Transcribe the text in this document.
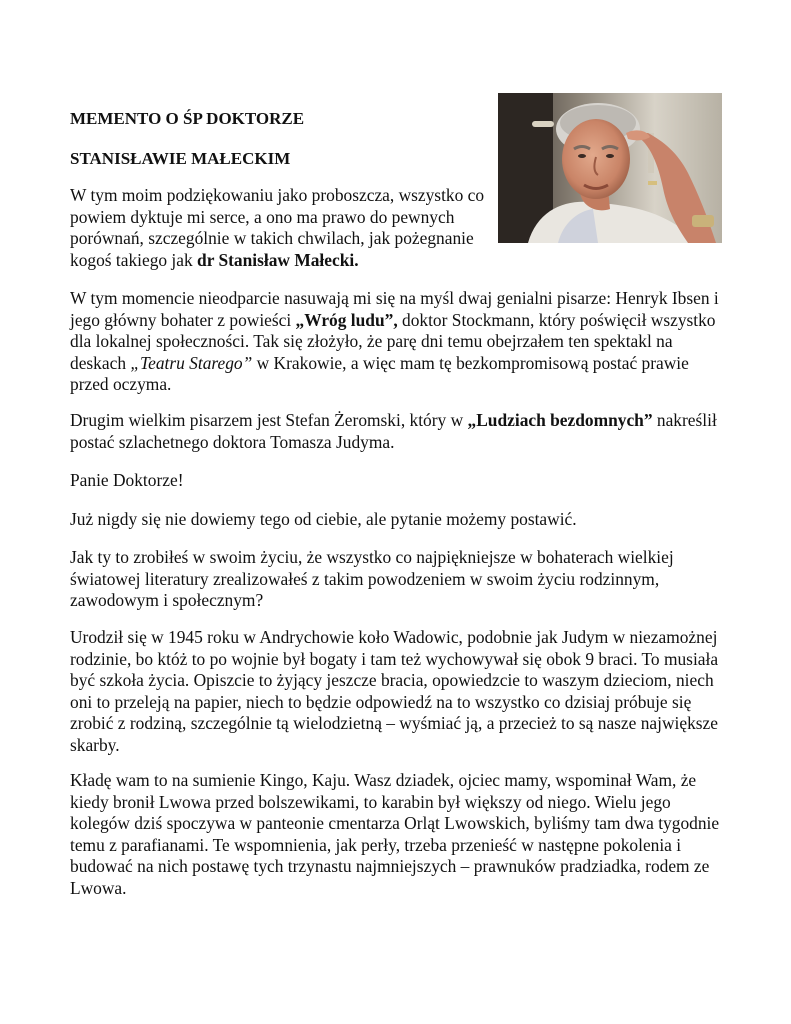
MEMENTO O ŚP DOKTORZE

STANISŁAWIE MAŁECKIM

W tym moim podziękowaniu jako proboszcza, wszystko co powiem dyktuje mi serce, a ono ma prawo do pewnych porównań, szczególnie w takich chwilach, jak pożegnanie kogoś takiego jak dr Stanisław Małecki.

W tym momencie nieodparcie nasuwają mi się na myśl dwaj genialni pisarze: Henryk Ibsen i jego główny bohater z powieści „Wróg ludu”, doktor Stockmann, który poświęcił wszystko dla lokalnej społeczności. Tak się złożyło, że parę dni temu obejrzałem ten spektakl na deskach „Teatru Starego” w Krakowie, a więc mam tę bezkompromisową postać prawie przed oczyma.

Drugim wielkim pisarzem jest Stefan Żeromski, który w „Ludziach bezdomnych” nakreślił postać szlachetnego doktora Tomasza Judyma.

Panie Doktorze!

Już nigdy się nie dowiemy tego od ciebie, ale pytanie możemy postawić.

Jak ty to zrobiłeś w swoim życiu, że wszystko co najpiękniejsze w bohaterach wielkiej światowej literatury zrealizowałeś z takim powodzeniem w swoim życiu rodzinnym, zawodowym i społecznym?

Urodził się w 1945 roku w Andrychowie koło Wadowic, podobnie jak Judym w niezamożnej rodzinie, bo któż to po wojnie był bogaty i tam też wychowywał się obok 9 braci. To musiała być szkoła życia. Opiszcie to żyjący jeszcze bracia, opowiedzcie to waszym dzieciom, niech oni to przeleją na papier, niech to będzie odpowiedź na to wszystko co dzisiaj próbuje się zrobić z rodziną, szczególnie tą wielodzietną – wyśmiać ją, a przecież to są nasze największe skarby.

Kładę wam to na sumienie Kingo, Kaju. Wasz dziadek, ojciec mamy, wspominał Wam, że kiedy bronił Lwowa przed bolszewikami, to karabin był większy od niego. Wielu jego kolegów dziś spoczywa w panteonie cmentarza Orląt Lwowskich, byliśmy tam dwa tygodnie temu z parafianami. Te wspomnienia, jak perły, trzeba przenieść w następne pokolenia i budować na nich postawę tych trzynastu najmniejszych – prawnuków pradziadka, rodem ze Lwowa.
